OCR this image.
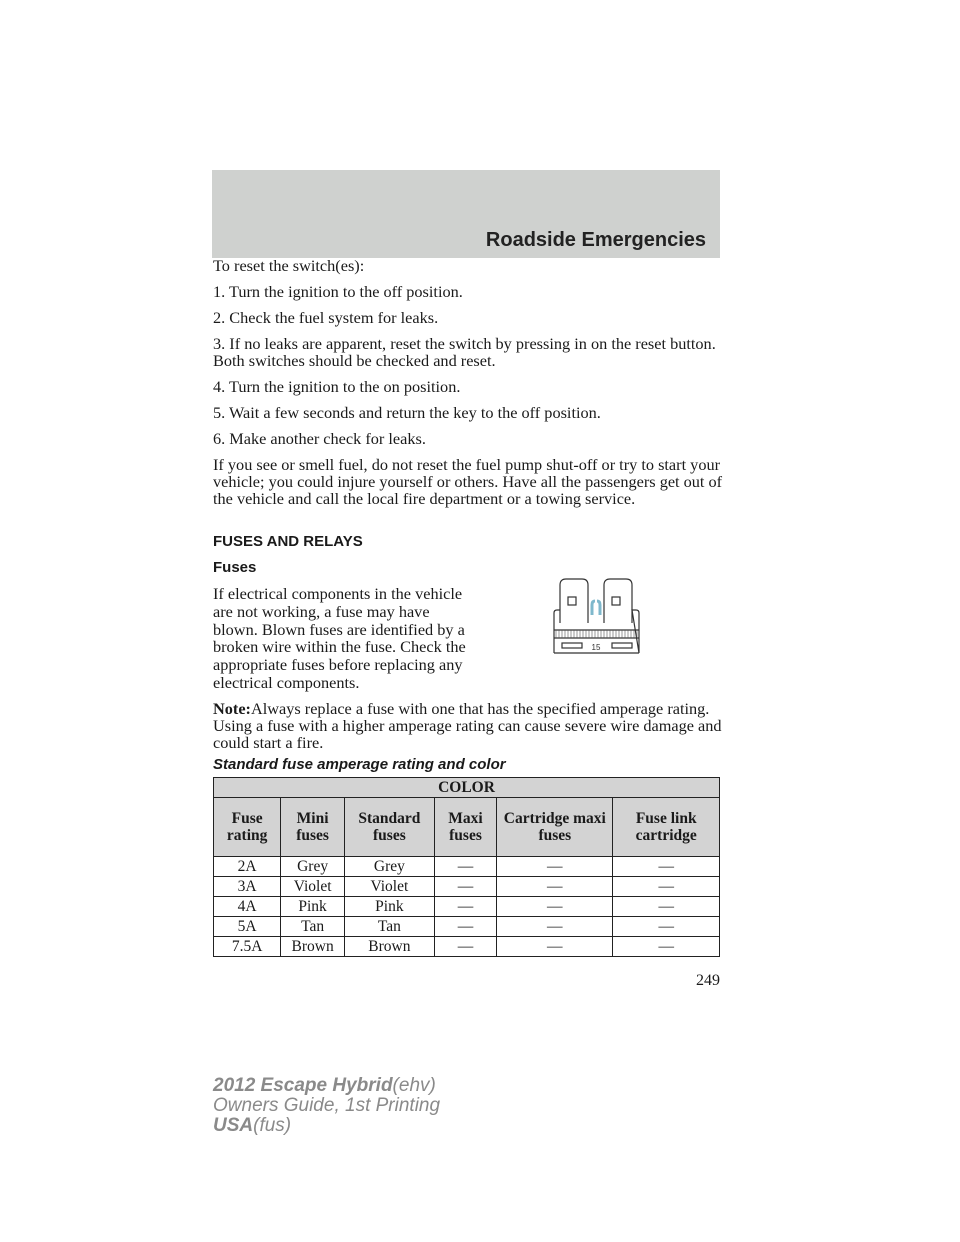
Roadside Emergencies
To reset the switch(es):
1. Turn the ignition to the off position.
2. Check the fuel system for leaks.
3. If no leaks are apparent, reset the switch by pressing in on the reset button. Both switches should be checked and reset.
4. Turn the ignition to the on position.
5. Wait a few seconds and return the key to the off position.
6. Make another check for leaks.
If you see or smell fuel, do not reset the fuel pump shut-off or try to start your vehicle; you could injure yourself or others. Have all the passengers get out of the vehicle and call the local fire department or a towing service.
FUSES AND RELAYS
Fuses
If electrical components in the vehicle are not working, a fuse may have blown. Blown fuses are identified by a broken wire within the fuse. Check the appropriate fuses before replacing any electrical components.
15
Note:Always replace a fuse with one that has the specified amperage rating. Using a fuse with a higher amperage rating can cause severe wire damage and could start a fire.
Standard fuse amperage rating and color
COLOR					
Fuse rating	Mini fuses	Standard fuses	Maxi fuses	Cartridge maxi fuses	Fuse link cartridge
2A	Grey	Grey	—	—	—
3A	Violet	Violet	—	—	—
4A	Pink	Pink	—	—	—
5A	Tan	Tan	—	—	—
7.5A	Brown	Brown	—	—	—
249
2012 Escape Hybrid(ehv)
Owners Guide, 1st Printing
USA(fus)
